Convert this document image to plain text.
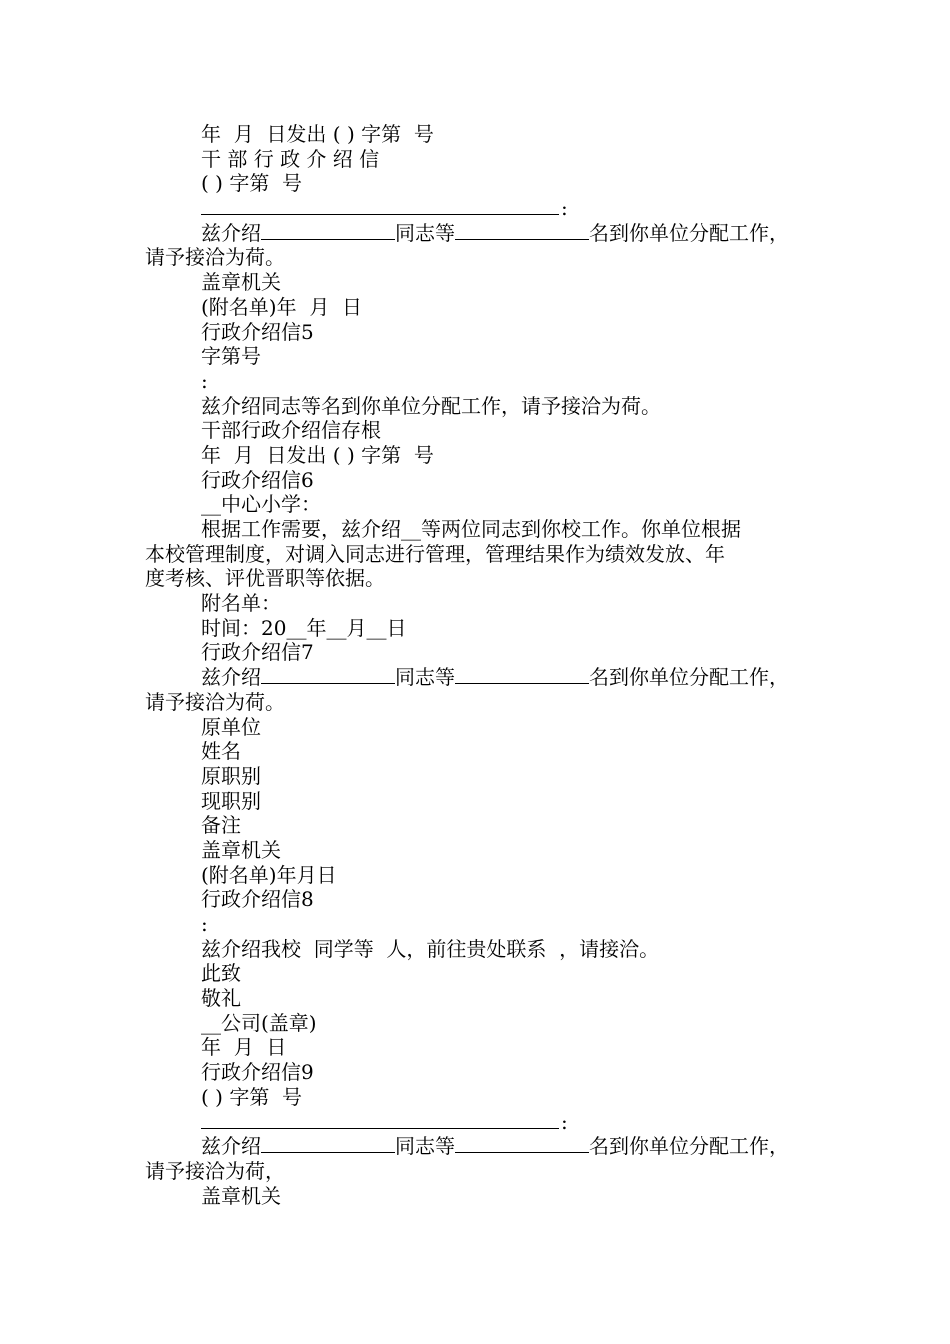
年  月  日发出 ( ) 字第  号
干 部 行 政 介 绍 信
( ) 字第  号
:
兹介绍	同志等	名到你单位分配工作，
请予接洽为荷。
盖章机关
(附名单)年  月  日
行政介绍信5
字第号
:
兹介绍同志等名到你单位分配工作，请予接洽为荷。
干部行政介绍信存根
年  月  日发出 ( ) 字第  号
行政介绍信6
__中心小学：
根据工作需要，兹介绍__等两位同志到你校工作。你单位根据
本校管理制度，对调入同志进行管理，管理结果作为绩效发放、年
度考核、评优晋职等依据。
附名单：
时间：20__年__月__日
行政介绍信7
兹介绍	同志等	名到你单位分配工作，
请予接洽为荷。
原单位
姓名
原职别
现职别
备注
盖章机关
(附名单)年月日
行政介绍信8
:
兹介绍我校  同学等  人，前往贵处联系  ，请接洽。
此致
敬礼
__公司(盖章)
年  月  日
行政介绍信9
( ) 字第  号
:
兹介绍	同志等	名到你单位分配工作，
请予接洽为荷，
盖章机关
